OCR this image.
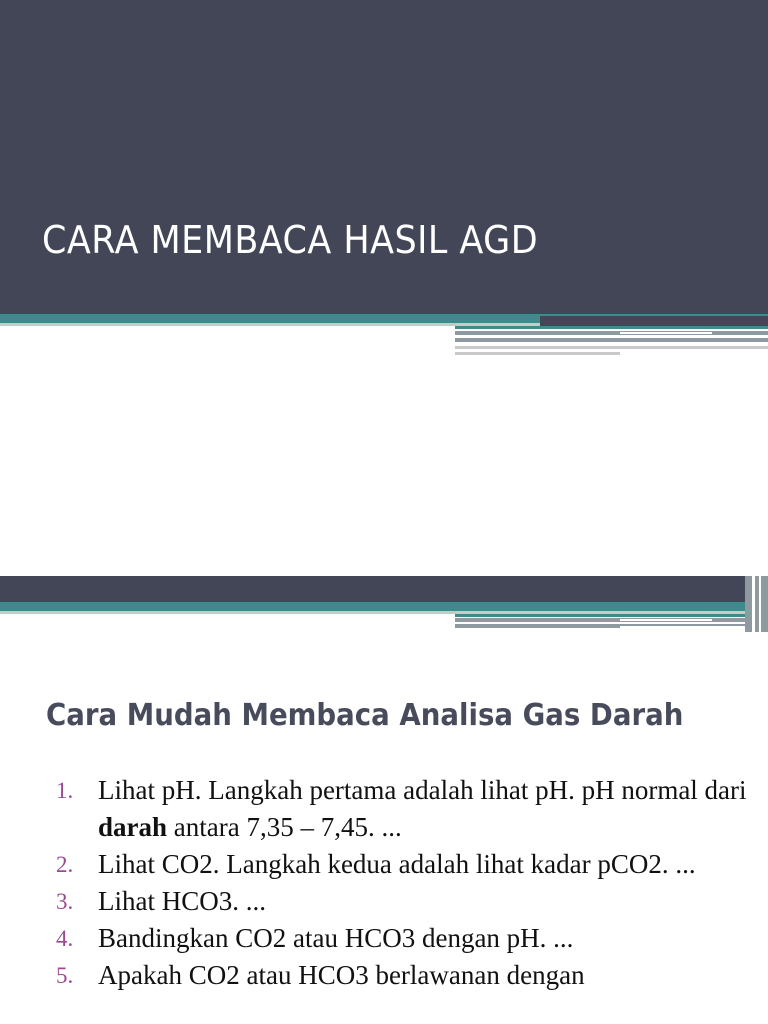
CARA MEMBACA HASIL AGD
Cara Mudah Membaca Analisa Gas Darah
1. Lihat pH. Langkah pertama adalah lihat pH. pH normal dari darah antara 7,35 – 7,45. ...
2. Lihat CO2. Langkah kedua adalah lihat kadar pCO2. ...
3. Lihat HCO3. ...
4. Bandingkan CO2 atau HCO3 dengan pH. ...
5. Apakah CO2 atau HCO3 berlawanan dengan
